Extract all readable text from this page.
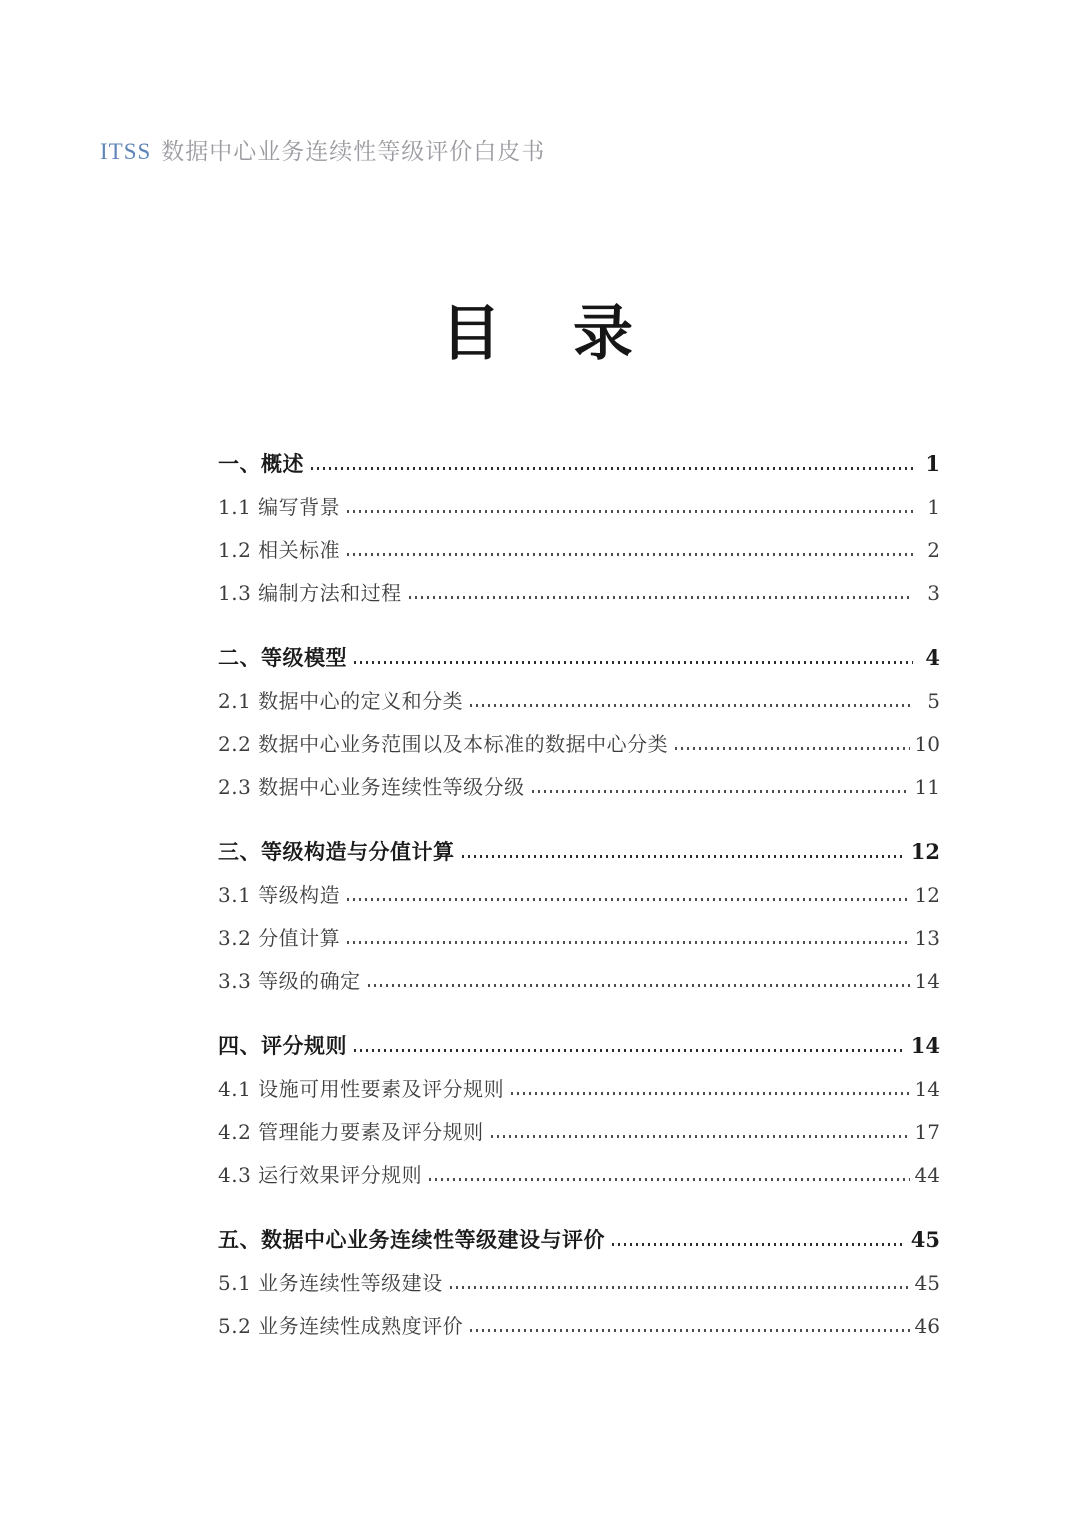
ITSS 数据中心业务连续性等级评价白皮书
目　录
一、概述	1
1.1 编写背景	1
1.2 相关标准	2
1.3 编制方法和过程	3
二、等级模型	4
2.1 数据中心的定义和分类	5
2.2 数据中心业务范围以及本标准的数据中心分类	10
2.3 数据中心业务连续性等级分级	11
三、等级构造与分值计算	12
3.1 等级构造	12
3.2 分值计算	13
3.3 等级的确定	14
四、评分规则	14
4.1 设施可用性要素及评分规则	14
4.2 管理能力要素及评分规则	17
4.3 运行效果评分规则	44
五、数据中心业务连续性等级建设与评价	45
5.1 业务连续性等级建设	45
5.2 业务连续性成熟度评价	46
